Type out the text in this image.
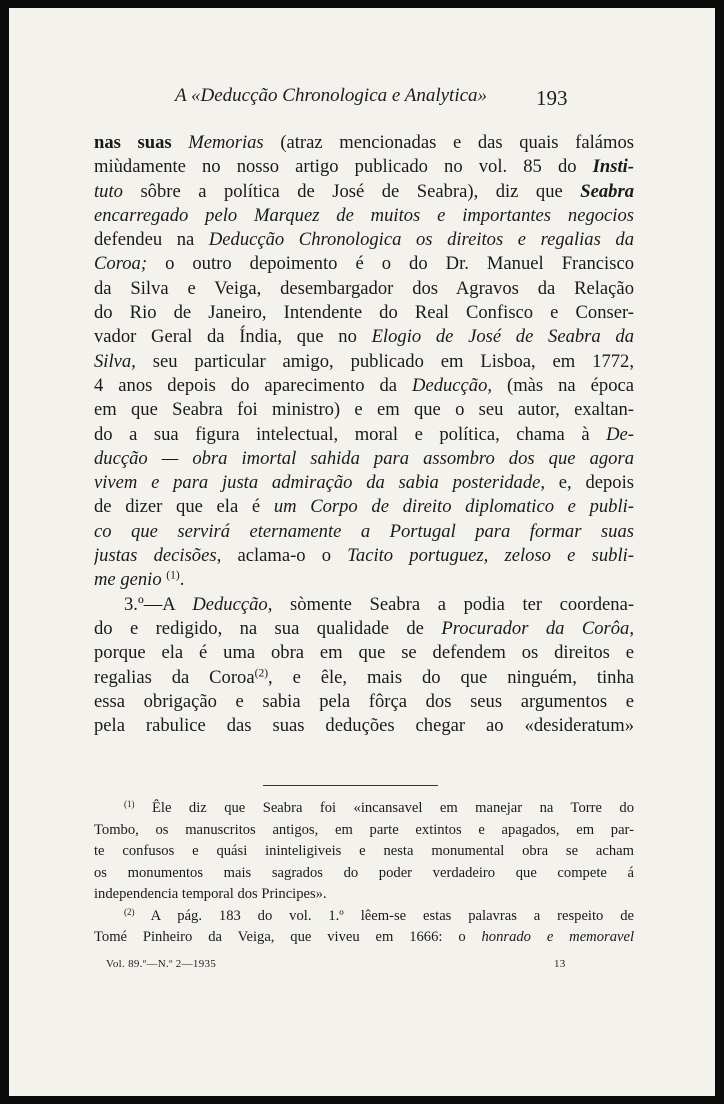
A «Deducção Chronologica e Analytica» 193
nas suas Memorias (atraz mencionadas e das quais falámos
miùdamente no nosso artigo publicado no vol. 85 do Insti-
tuto sôbre a política de José de Seabra), diz que Seabra
encarregado pelo Marquez de muitos e importantes negocios
defendeu na Deducção Chronologica os direitos e regalias da
Coroa; o outro depoimento é o do Dr. Manuel Francisco
da Silva e Veiga, desembargador dos Agravos da Relação
do Rio de Janeiro, Intendente do Real Confisco e Conser-
vador Geral da Índia, que no Elogio de José de Seabra da
Silva, seu particular amigo, publicado em Lisboa, em 1772,
4 anos depois do aparecimento da Deducção, (màs na época
em que Seabra foi ministro) e em que o seu autor, exaltan-
do a sua figura intelectual, moral e política, chama à De-
ducção — obra imortal sahida para assombro dos que agora
vivem e para justa admiração da sabia posteridade, e, depois
de dizer que ela é um Corpo de direito diplomatico e publi-
co que servirá eternamente a Portugal para formar suas
justas decisões, aclama-o o Tacito portuguez, zeloso e subli-
me genio $^{(1)}$.
3.º—A Deducção, sòmente Seabra a podia ter coordena-
do e redigido, na sua qualidade de Procurador da Corôa,
porque ela é uma obra em que se defendem os direitos e
regalias da Coroa$^{(2)}$, e êle, mais do que ninguém, tinha
essa obrigação e sabia pela fôrça dos seus argumentos e
pela rabulice das suas deduções chegar ao «desideratum»
$^{(1)}$ Êle diz que Seabra foi «incansavel em manejar na Torre do
Tombo, os manuscritos antigos, em parte extintos e apagados, em par-
te confusos e quási ininteligiveis e nesta monumental obra se acham
os monumentos mais sagrados do poder verdadeiro que compete á
independencia temporal dos Principes».
$^{(2)}$ A pág. 183 do vol. 1.º lêem-se estas palavras a respeito de
Tomé Pinheiro da Veiga, que viveu em 1666: o honrado e memoravel
Vol. 89.º—N.º 2—1935	13
